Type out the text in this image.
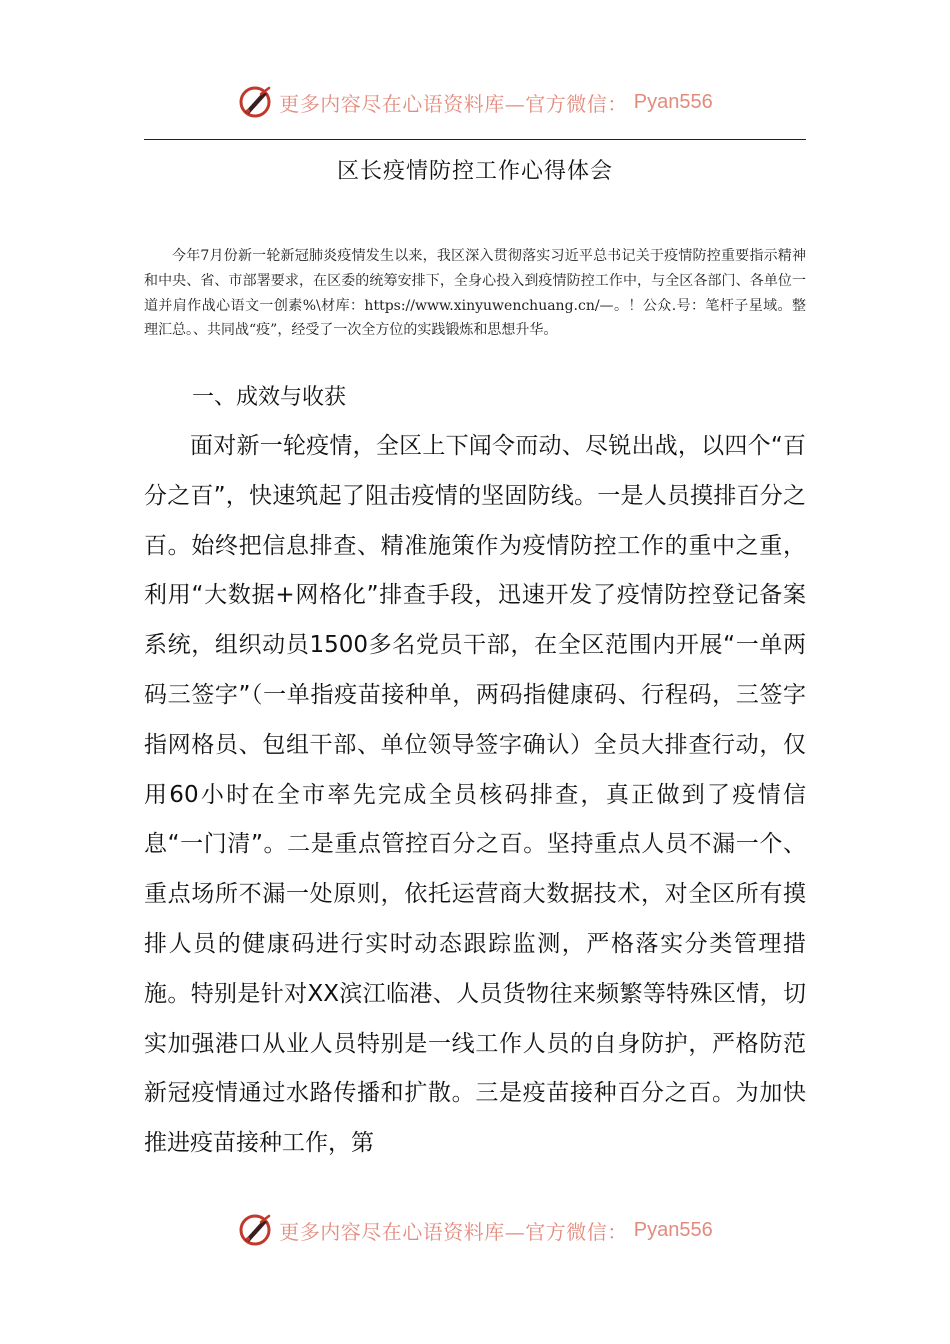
更多内容尽在心语资料库—官方微信： Pyan556
区长疫情防控工作心得体会

今年7月份新一轮新冠肺炎疫情发生以来，我区深入贯彻落实习近平总书记关于疫情防控重要指示精神和中央、省、市部署要求，在区委的统筹安排下，全身心投入到疫情防控工作中，与全区各部门、各单位一道并肩作战心语文一创素%\材库：https://www.xinyuwenchuang.cn/—。！公众.号：笔杆子星域。整理汇总。、共同战“疫”，经受了一次全方位的实践锻炼和思想升华。

一、成效与收获

面对新一轮疫情，全区上下闻令而动、尽锐出战，以四个“百分之百”，快速筑起了阻击疫情的坚固防线。一是人员摸排百分之百。始终把信息排查、精准施策作为疫情防控工作的重中之重，利用“大数据+网格化”排查手段，迅速开发了疫情防控登记备案系统，组织动员1500多名党员干部，在全区范围内开展“一单两码三签字”（一单指疫苗接种单，两码指健康码、行程码，三签字指网格员、包组干部、单位领导签字确认）全员大排查行动，仅用60小时在全市率先完成全员核码排查，真正做到了疫情信息“一门清”。二是重点管控百分之百。坚持重点人员不漏一个、重点场所不漏一处原则，依托运营商大数据技术，对全区所有摸排人员的健康码进行实时动态跟踪监测，严格落实分类管理措施。特别是针对XX滨江临港、人员货物往来频繁等特殊区情，切实加强港口从业人员特别是一线工作人员的自身防护，严格防范新冠疫情通过水路传播和扩散。三是疫苗接种百分之百。为加快推进疫苗接种工作，第

更多内容尽在心语资料库—官方微信： Pyan556
